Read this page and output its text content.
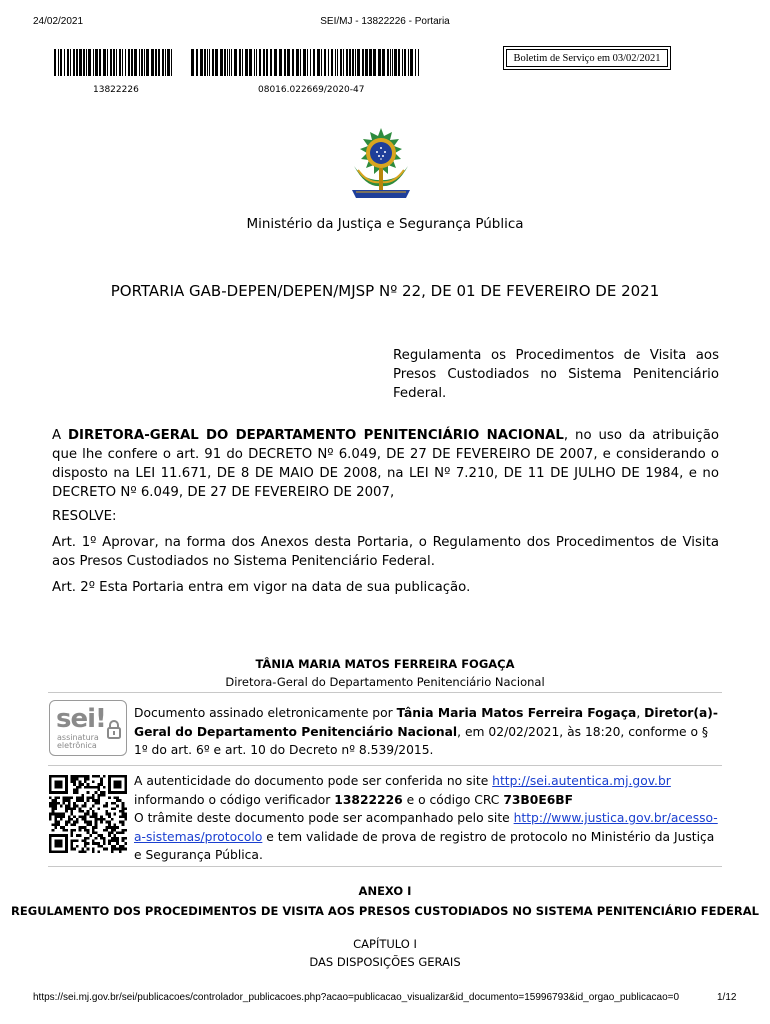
24/02/2021	SEI/MJ - 13822226 - Portaria
13822226	08016.022669/2020-47
Boletim de Serviço em 03/02/2021
Ministério da Justiça e Segurança Pública
PORTARIA GAB-DEPEN/DEPEN/MJSP Nº 22, DE 01 DE FEVEREIRO DE 2021
Regulamenta os Procedimentos de Visita aos Presos Custodiados no Sistema Penitenciário Federal.
A DIRETORA-GERAL DO DEPARTAMENTO PENITENCIÁRIO NACIONAL, no uso da atribuição que lhe confere o art. 91 do DECRETO Nº 6.049, DE 27 DE FEVEREIRO DE 2007, e considerando o disposto na LEI 11.671, DE 8 DE MAIO DE 2008, na LEI Nº 7.210, DE 11 DE JULHO DE 1984, e no DECRETO Nº 6.049, DE 27 DE FEVEREIRO DE 2007,
RESOLVE:
Art. 1º Aprovar, na forma dos Anexos desta Portaria, o Regulamento dos Procedimentos de Visita aos Presos Custodiados no Sistema Penitenciário Federal.
Art. 2º Esta Portaria entra em vigor na data de sua publicação.
TÂNIA MARIA MATOS FERREIRA FOGAÇA
Diretora-Geral do Departamento Penitenciário Nacional
sei!
assinatura
eletrônica
Documento assinado eletronicamente por Tânia Maria Matos Ferreira Fogaça, Diretor(a)-Geral do Departamento Penitenciário Nacional, em 02/02/2021, às 18:20, conforme o § 1º do art. 6º e art. 10 do Decreto nº 8.539/2015.
A autenticidade do documento pode ser conferida no site http://sei.autentica.mj.gov.br informando o código verificador 13822226 e o código CRC 73B0E6BF
O trâmite deste documento pode ser acompanhado pelo site http://www.justica.gov.br/acesso-a-sistemas/protocolo e tem validade de prova de registro de protocolo no Ministério da Justiça e Segurança Pública.
ANEXO I
REGULAMENTO DOS PROCEDIMENTOS DE VISITA AOS PRESOS CUSTODIADOS NO SISTEMA PENITENCIÁRIO FEDERAL
CAPÍTULO I
DAS DISPOSIÇÕES GERAIS
https://sei.mj.gov.br/sei/publicacoes/controlador_publicacoes.php?acao=publicacao_visualizar&id_documento=15996793&id_orgao_publicacao=0	1/12
